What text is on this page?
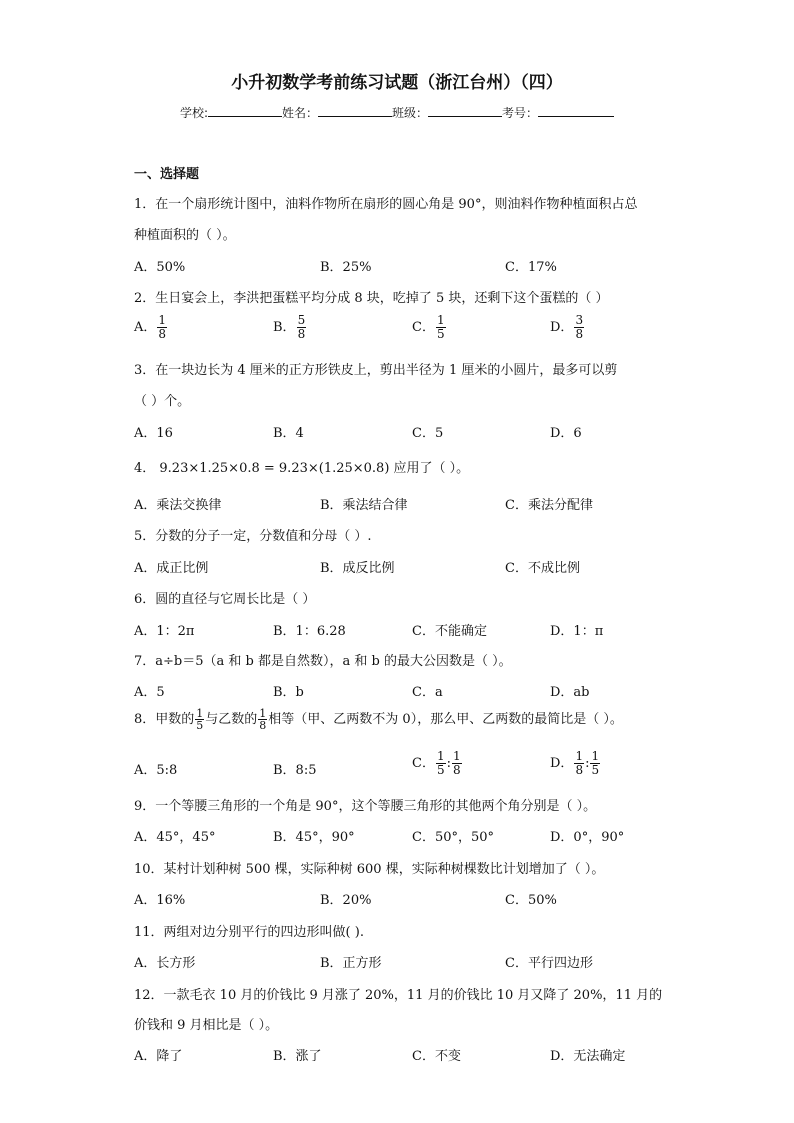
小升初数学考前练习试题（浙江台州）（四）
学校:	姓名：	班级：	考号：
一、选择题
1．在一个扇形统计图中，油料作物所在扇形的圆心角是 90°，则油料作物种植面积占总
种植面积的（ ）。
A．50%	B．25%	C．17%
2．生日宴会上，李洪把蛋糕平均分成 8 块，吃掉了 5 块，还剩下这个蛋糕的（ ）
A． $\frac{1}{8}$	B． $\frac{5}{8}$	C． $\frac{1}{5}$	D． $\frac{3}{8}$
3．在一块边长为 4 厘米的正方形铁皮上，剪出半径为 1 厘米的小圆片，最多可以剪
（ ）个。
A．16	B．4	C．5	D．6
4． 9.23×1.25×0.8 = 9.23×(1.25×0.8) 应用了（ ）。
A．乘法交换律	B．乘法结合律	C．乘法分配律
5．分数的分子一定，分数值和分母（ ）.
A．成正比例	B．成反比例	C．不成比例
6．圆的直径与它周长比是（ ）
A．1：2π	B．1：6.28	C．不能确定	D．1：π
7．a÷b＝5（a 和 b 都是自然数），a 和 b 的最大公因数是（ ）。
A．5	B．b	C．a	D．ab
8．甲数的 $\frac{1}{5}$ 与乙数的 $\frac{1}{8}$ 相等（甲、乙两数不为 0），那么甲、乙两数的最简比是（ ）。
A．5:8	B．8:5	C． $\frac{1}{5}$ : $\frac{1}{8}$	D． $\frac{1}{8}$ : $\frac{1}{5}$
9．一个等腰三角形的一个角是 90°，这个等腰三角形的其他两个角分别是（ ）。
A．45°，45°	B．45°，90°	C．50°，50°	D．0°，90°
10．某村计划种树 500 棵，实际种树 600 棵，实际种树棵数比计划增加了（ ）。
A．16%	B．20%	C．50%
11．两组对边分别平行的四边形叫做( ).
A．长方形	B．正方形	C．平行四边形
12．一款毛衣 10 月的价钱比 9 月涨了 20%，11 月的价钱比 10 月又降了 20%，11 月的
价钱和 9 月相比是（ ）。
A．降了	B．涨了	C．不变	D．无法确定
